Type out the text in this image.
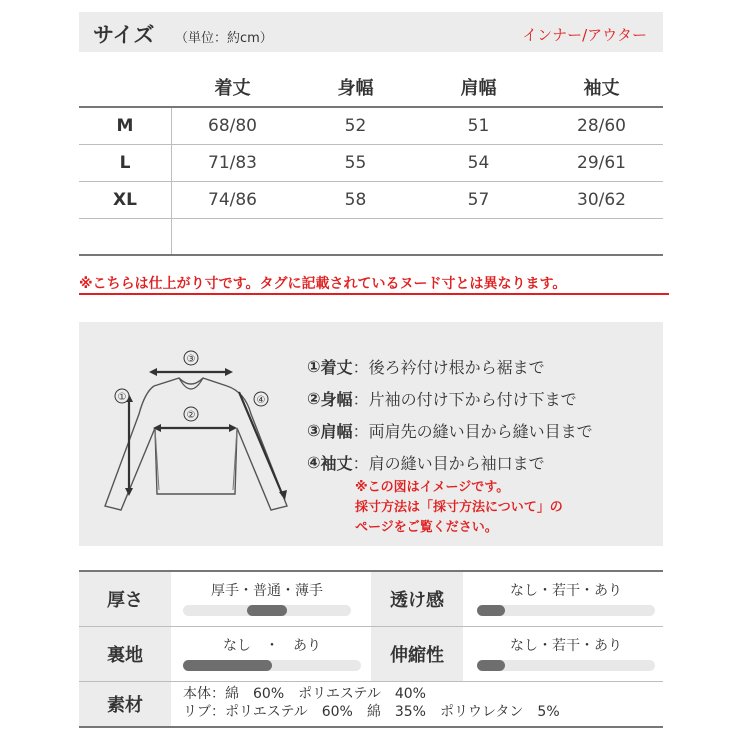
サイズ （単位：約cm）	インナー/アウター
着丈	身幅	肩幅	袖丈
M	68/80	52	51	28/60
L	71/83	55	54	29/61
XL	74/86	58	57	30/62
※こちらは仕上がり寸です。タグに記載されているヌード寸とは異なります。
③
①
②
④
① 着丈 ：後ろ衿付け根から裾まで
② 身幅 ：片袖の付け下から付け下まで
③ 肩幅 ：両肩先の縫い目から縫い目まで
④ 袖丈 ：肩の縫い目から袖口まで
※この図はイメージです。
採寸方法は「採寸方法について」の
ページをご覧ください。
厚さ	厚手・普通・薄手	透け感	なし・若干・あり
裏地	なし　・　あり	伸縮性	なし・若干・あり
素材
本体：綿　60%　ポリエステル　40%
リブ：ポリエステル　60%　綿　35%　ポリウレタン　5%
